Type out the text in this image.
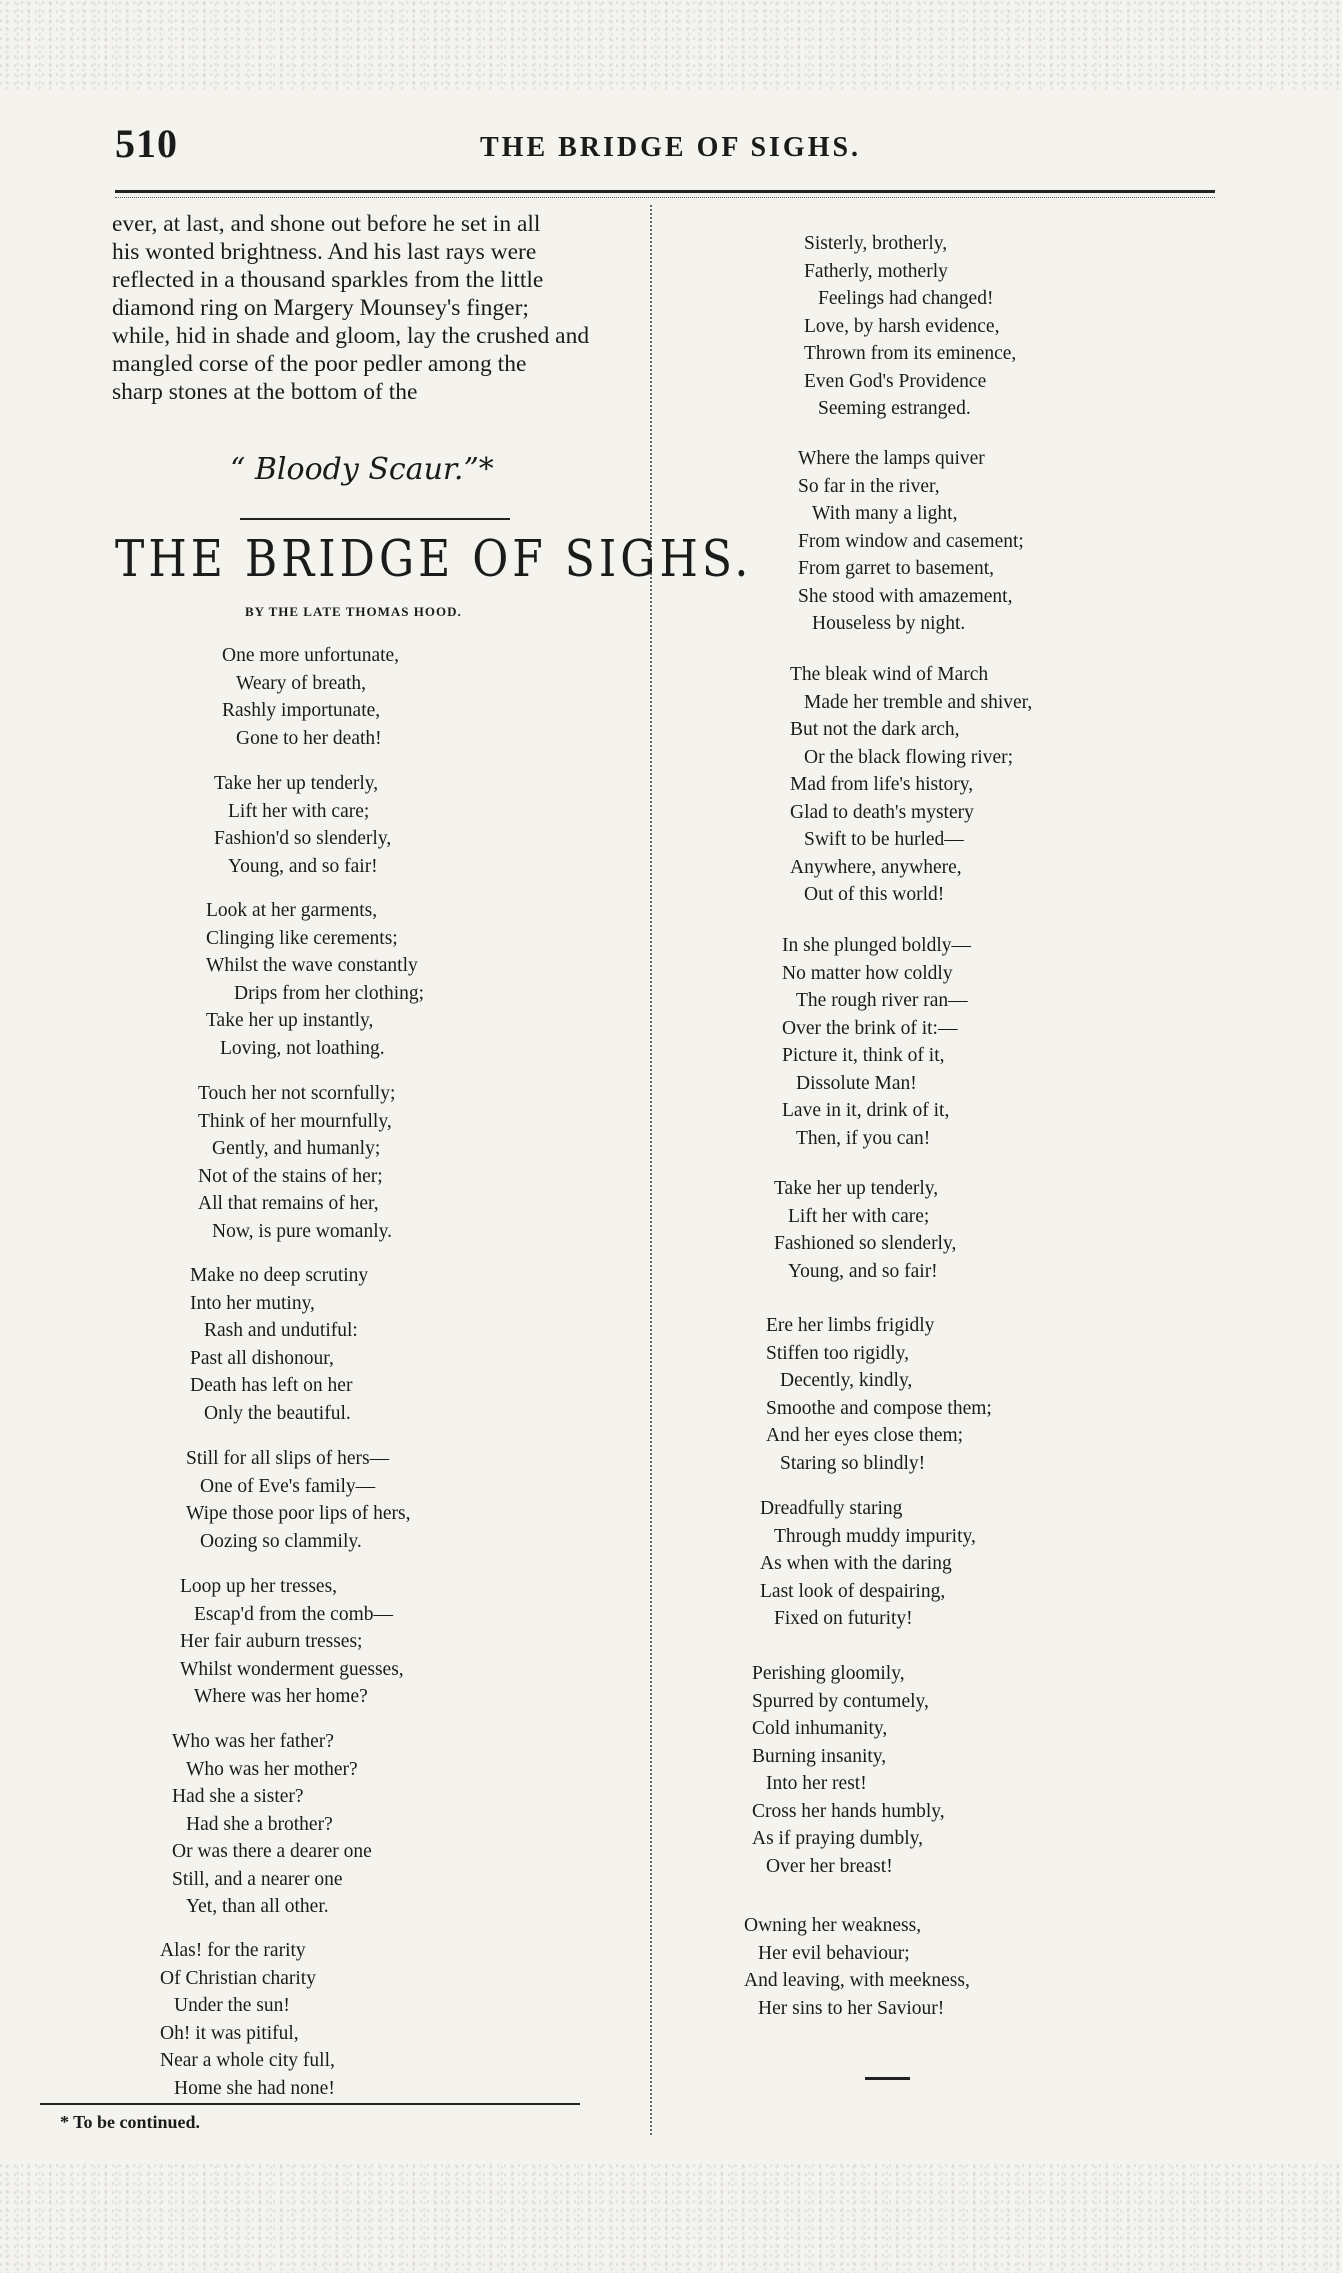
510	THE BRIDGE OF SIGHS.

ever, at last, and shone out before he set in all

his wonted brightness. And his last rays were

reflected in a thousand sparkles from the little

diamond ring on Margery Mounsey's finger;

while, hid in shade and gloom, lay the crushed and

mangled corse of the poor pedler among the

sharp stones at the bottom of the

“ Bloody Scaur.”*
THE BRIDGE OF SIGHS.
BY THE LATE THOMAS HOOD.
One more unfortunate,
Weary of breath,
Rashly importunate,
Gone to her death!
Take her up tenderly,
Lift her with care;
Fashion'd so slenderly,
Young, and so fair!
Look at her garments,
Clinging like cerements;
Whilst the wave constantly
Drips from her clothing;
Take her up instantly,
Loving, not loathing.
Touch her not scornfully;
Think of her mournfully,
Gently, and humanly;
Not of the stains of her;
All that remains of her,
Now, is pure womanly.
Make no deep scrutiny
Into her mutiny,
Rash and undutiful:
Past all dishonour,
Death has left on her
Only the beautiful.
Still for all slips of hers—
One of Eve's family—
Wipe those poor lips of hers,
Oozing so clammily.
Loop up her tresses,
Escap'd from the comb—
Her fair auburn tresses;
Whilst wonderment guesses,
Where was her home?
Who was her father?
Who was her mother?
Had she a sister?
Had she a brother?
Or was there a dearer one
Still, and a nearer one
Yet, than all other.
Alas! for the rarity
Of Christian charity
Under the sun!
Oh! it was pitiful,
Near a whole city full,
Home she had none!
Sisterly, brotherly,
Fatherly, motherly
Feelings had changed!
Love, by harsh evidence,
Thrown from its eminence,
Even God's Providence
Seeming estranged.
Where the lamps quiver
So far in the river,
With many a light,
From window and casement;
From garret to basement,
She stood with amazement,
Houseless by night.
The bleak wind of March
Made her tremble and shiver,
But not the dark arch,
Or the black flowing river;
Mad from life's history,
Glad to death's mystery
Swift to be hurled—
Anywhere, anywhere,
Out of this world!
In she plunged boldly—
No matter how coldly
The rough river ran—
Over the brink of it:—
Picture it, think of it,
Dissolute Man!
Lave in it, drink of it,
Then, if you can!
Take her up tenderly,
Lift her with care;
Fashioned so slenderly,
Young, and so fair!
Ere her limbs frigidly
Stiffen too rigidly,
Decently, kindly,
Smoothe and compose them;
And her eyes close them;
Staring so blindly!
Dreadfully staring
Through muddy impurity,
As when with the daring
Last look of despairing,
Fixed on futurity!
Perishing gloomily,
Spurred by contumely,
Cold inhumanity,
Burning insanity,
Into her rest!
Cross her hands humbly,
As if praying dumbly,
Over her breast!
Owning her weakness,
Her evil behaviour;
And leaving, with meekness,
Her sins to her Saviour!
* To be continued.
